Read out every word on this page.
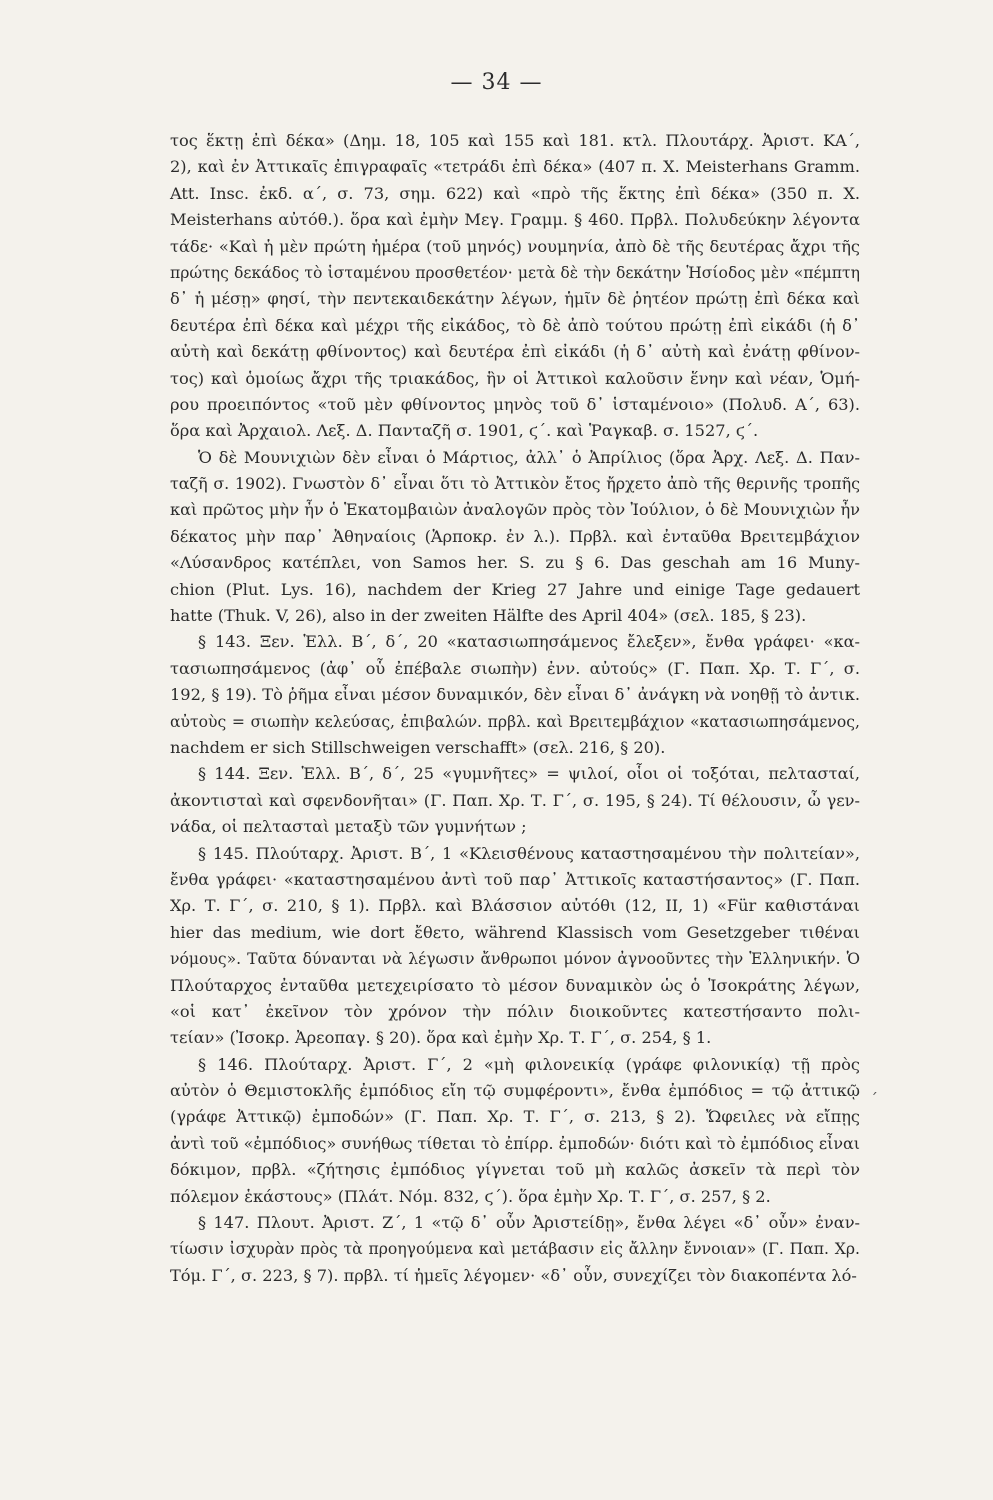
— 34 —
τος ἕκτῃ ἐπὶ δέκα» (Δημ. 18, 105 καὶ 155 καὶ 181. κτλ. Πλουτάρχ. Ἀριστ. ΚΑ΄,
2), καὶ ἐν Ἀττικαῖς ἐπιγραφαῖς «τετράδι ἐπὶ δέκα» (407 π. Χ. Meisterhans Gramm.
Att. Insc. ἐκδ. α΄, σ. 73, σημ. 622) καὶ «πρὸ τῆς ἕκτης ἐπὶ δέκα» (350 π. Χ.
Meisterhans αὐτόθ.). ὅρα καὶ ἐμὴν Μεγ. Γραμμ. § 460. Πρβλ. Πολυδεύκην λέγοντα
τάδε· «Καὶ ἡ μὲν πρώτη ἡμέρα (τοῦ μηνός) νουμηνία, ἀπὸ δὲ τῆς δευτέρας ἄχρι τῆς
πρώτης δεκάδος τὸ ἱσταμένου προσθετέον· μετὰ δὲ τὴν δεκάτην Ἡσίοδος μὲν «πέμπτη
δ᾽ ἡ μέσῃ» φησί, τὴν πεντεκαιδεκάτην λέγων, ἡμῖν δὲ ῥητέον πρώτῃ ἐπὶ δέκα καὶ
δευτέρα ἐπὶ δέκα καὶ μέχρι τῆς εἰκάδος, τὸ δὲ ἀπὸ τούτου πρώτῃ ἐπὶ εἰκάδι (ἡ δ᾽
αὐτὴ καὶ δεκάτῃ φθίνοντος) καὶ δευτέρα ἐπὶ εἰκάδι (ἡ δ᾽ αὐτὴ καὶ ἐνάτῃ φθίνον-
τος) καὶ ὁμοίως ἄχρι τῆς τριακάδος, ἣν οἱ Ἀττικοὶ καλοῦσιν ἕνην καὶ νέαν, Ὁμή-
ρου προειπόντος «τοῦ μὲν φθίνοντος μηνὸς τοῦ δ᾽ ἱσταμένοιο» (Πολυδ. Α΄, 63).
ὅρα καὶ Ἀρχαιολ. Λεξ. Δ. Πανταζῆ σ. 1901, ϛ΄. καὶ Ῥαγκαβ. σ. 1527, ϛ΄.
Ὁ δὲ Μουνιχιὼν δὲν εἶναι ὁ Μάρτιος, ἀλλ᾽ ὁ Ἀπρίλιος (ὅρα Ἀρχ. Λεξ. Δ. Παν-
ταζῆ σ. 1902). Γνωστὸν δ᾽ εἶναι ὅτι τὸ Ἀττικὸν ἔτος ἤρχετο ἀπὸ τῆς θερινῆς τροπῆς
καὶ πρῶτος μὴν ἦν ὁ Ἑκατομβαιὼν ἀναλογῶν πρὸς τὸν Ἰούλιον, ὁ δὲ Μουνιχιὼν ἦν
δέκατος μὴν παρ᾽ Ἀθηναίοις (Ἁρποκρ. ἐν λ.). Πρβλ. καὶ ἐνταῦθα Βρειτεμβάχιον
«Λύσανδρος κατέπλει, von Samos her. S. zu § 6. Das geschah am 16 Muny-
chion (Plut. Lys. 16), nachdem der Krieg 27 Jahre und einige Tage gedauert
hatte (Thuk. V, 26), also in der zweiten Hälfte des April 404» (σελ. 185, § 23).
§ 143. Ξεν. Ἑλλ. Β΄, δ΄, 20 «κατασιωπησάμενος ἔλεξεν», ἔνθα γράφει· «κα-
τασιωπησάμενος (ἀφ᾽ οὗ ἐπέβαλε σιωπὴν) ἐνν. αὐτούς» (Γ. Παπ. Χρ. Τ. Γ΄, σ.
192, § 19). Τὸ ῥῆμα εἶναι μέσον δυναμικόν, δὲν εἶναι δ᾽ ἀνάγκη νὰ νοηθῇ τὸ ἀντικ.
αὐτοὺς = σιωπὴν κελεύσας, ἐπιβαλών. πρβλ. καὶ Βρειτεμβάχιον «κατασιωπησάμενος,
nachdem er sich Stillschweigen verschafft» (σελ. 216, § 20).
§ 144. Ξεν. Ἑλλ. Β΄, δ΄, 25 «γυμνῆτες» = ψιλοί, οἷοι οἱ τοξόται, πελτασταί,
ἀκοντισταὶ καὶ σφενδονῆται» (Γ. Παπ. Χρ. Τ. Γ΄, σ. 195, § 24). Τί θέλουσιν, ὦ γεν-
νάδα, οἱ πελτασταὶ μεταξὺ τῶν γυμνήτων ;
§ 145. Πλούταρχ. Ἀριστ. Β΄, 1 «Κλεισθένους καταστησαμένου τὴν πολιτείαν»,
ἔνθα γράφει· «καταστησαμένου ἀντὶ τοῦ παρ᾽ Ἀττικοῖς καταστήσαντος» (Γ. Παπ.
Χρ. Τ. Γ΄, σ. 210, § 1). Πρβλ. καὶ Βλάσσιον αὐτόθι (12, II, 1) «Für καθιστάναι
hier das medium, wie dort ἔθετο, während Klassisch vom Gesetzgeber τιθέναι
νόμους». Ταῦτα δύνανται νὰ λέγωσιν ἄνθρωποι μόνον ἀγνοοῦντες τὴν Ἑλληνικήν. Ὁ
Πλούταρχος ἐνταῦθα μετεχειρίσατο τὸ μέσον δυναμικὸν ὡς ὁ Ἰσοκράτης λέγων,
«οἱ κατ᾽ ἐκεῖνον τὸν χρόνον τὴν πόλιν διοικοῦντες κατεστήσαντο πολι-
τείαν» (Ἰσοκρ. Ἀρεοπαγ. § 20). ὅρα καὶ ἐμὴν Χρ. Τ. Γ΄, σ. 254, § 1.
§ 146. Πλούταρχ. Ἀριστ. Γ΄, 2 «μὴ φιλονεικίᾳ (γράφε φιλονικίᾳ) τῇ πρὸς
αὐτὸν ὁ Θεμιστοκλῆς ἐμπόδιος εἴη τῷ συμφέροντι», ἔνθα ἐμπόδιος = τῷ ἀττικῷ
(γράφε Ἀττικῷ) ἐμποδών» (Γ. Παπ. Χρ. Τ. Γ΄, σ. 213, § 2). Ὤφειλες νὰ εἴπῃς
ἀντὶ τοῦ «ἐμπόδιος» συνήθως τίθεται τὸ ἐπίρρ. ἐμποδών· διότι καὶ τὸ ἐμπόδιος εἶναι
δόκιμον, πρβλ. «ζήτησις ἐμπόδιος γίγνεται τοῦ μὴ καλῶς ἀσκεῖν τὰ περὶ τὸν
πόλεμον ἑκάστους» (Πλάτ. Νόμ. 832, ϛ΄). ὅρα ἐμὴν Χρ. Τ. Γ΄, σ. 257, § 2.
§ 147. Πλουτ. Ἀριστ. Ζ΄, 1 «τῷ δ᾽ οὖν Ἀριστείδῃ», ἔνθα λέγει «δ᾽ οὖν» ἐναν-
τίωσιν ἰσχυρὰν πρὸς τὰ προηγούμενα καὶ μετάβασιν εἰς ἄλλην ἔννοιαν» (Γ. Παπ. Χρ.
Τόμ. Γ΄, σ. 223, § 7). πρβλ. τί ἡμεῖς λέγομεν· «δ᾽ οὖν, συνεχίζει τὸν διακοπέντα λό-
´
